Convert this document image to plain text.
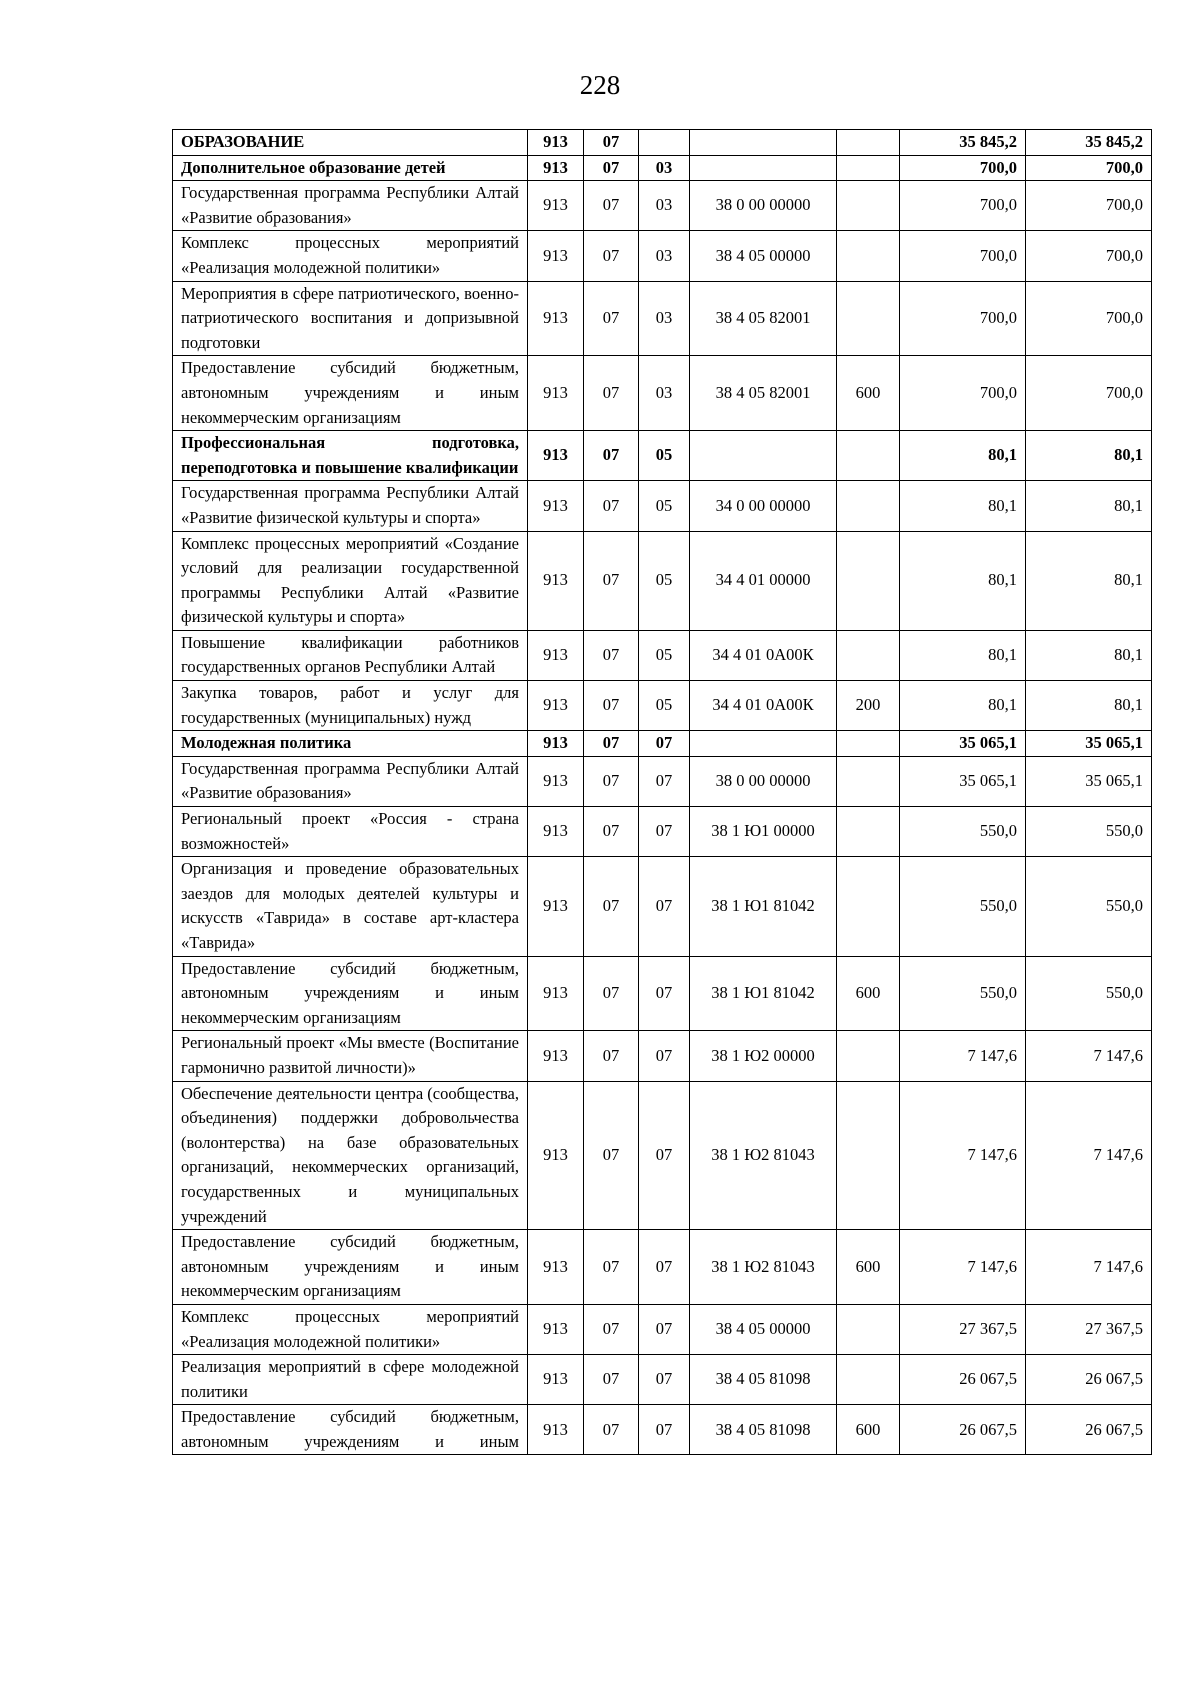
228
ОБРАЗОВАНИЕ	913	07				35 845,2	35 845,2
Дополнительное образование детей	913	07	03			700,0	700,0
Государственная программа Республики Алтай «Развитие образования»	913	07	03	38 0 00 00000		700,0	700,0
Комплекс процессных мероприятий «Реализация молодежной политики»	913	07	03	38 4 05 00000		700,0	700,0
Мероприятия в сфере патриотического, военно-патриотического воспитания и допризывной подготовки	913	07	03	38 4 05 82001		700,0	700,0
Предоставление субсидий бюджетным, автономным учреждениям и иным некоммерческим организациям	913	07	03	38 4 05 82001	600	700,0	700,0
Профессиональная подготовка, переподготовка и повышение квалификации	913	07	05			80,1	80,1
Государственная программа Республики Алтай «Развитие физической культуры и спорта»	913	07	05	34 0 00 00000		80,1	80,1
Комплекс процессных мероприятий «Создание условий для реализации государственной программы Республики Алтай «Развитие физической культуры и спорта»	913	07	05	34 4 01 00000		80,1	80,1
Повышение квалификации работников государственных органов Республики Алтай	913	07	05	34 4 01 0А00К		80,1	80,1
Закупка товаров, работ и услуг для государственных (муниципальных) нужд	913	07	05	34 4 01 0А00К	200	80,1	80,1
Молодежная политика	913	07	07			35 065,1	35 065,1
Государственная программа Республики Алтай «Развитие образования»	913	07	07	38 0 00 00000		35 065,1	35 065,1
Региональный проект «Россия - страна возможностей»	913	07	07	38 1 Ю1 00000		550,0	550,0
Организация и проведение образовательных заездов для молодых деятелей культуры и искусств «Таврида» в составе арт-кластера «Таврида»	913	07	07	38 1 Ю1 81042		550,0	550,0
Предоставление субсидий бюджетным, автономным учреждениям и иным некоммерческим организациям	913	07	07	38 1 Ю1 81042	600	550,0	550,0
Региональный проект «Мы вместе (Воспитание гармонично развитой личности)»	913	07	07	38 1 Ю2 00000		7 147,6	7 147,6
Обеспечение деятельности центра (сообщества, объединения) поддержки добровольчества (волонтерства) на базе образовательных организаций, некоммерческих организаций, государственных и муниципальных учреждений	913	07	07	38 1 Ю2 81043		7 147,6	7 147,6
Предоставление субсидий бюджетным, автономным учреждениям и иным некоммерческим организациям	913	07	07	38 1 Ю2 81043	600	7 147,6	7 147,6
Комплекс процессных мероприятий «Реализация молодежной политики»	913	07	07	38 4 05 00000		27 367,5	27 367,5
Реализация мероприятий в сфере молодежной политики	913	07	07	38 4 05 81098		26 067,5	26 067,5
Предоставление субсидий бюджетным, автономным учреждениям и иным	913	07	07	38 4 05 81098	600	26 067,5	26 067,5
